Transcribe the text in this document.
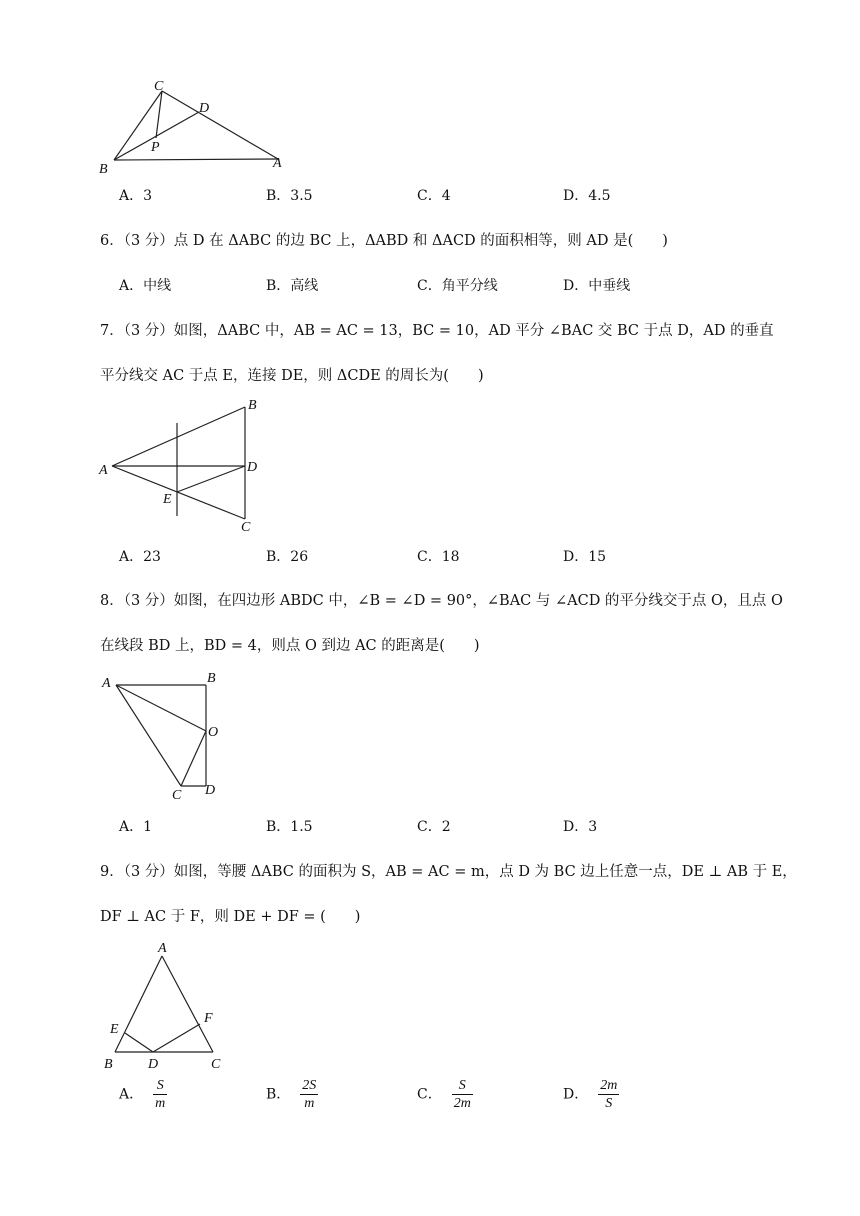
C
D
P
B	A
A．3	B．3.5	C．4	D．4.5
6．（3 分）点 D 在 ΔABC 的边 BC 上，ΔABD 和 ΔACD 的面积相等，则 AD 是(　　)
A．中线	B．高线	C．角平分线	D．中垂线
7．（3 分）如图，ΔABC 中，AB = AC = 13，BC = 10，AD 平分 ∠BAC 交 BC 于点 D，AD 的垂直
平分线交 AC 于点 E，连接 DE，则 ΔCDE 的周长为(　　)
B
A	D
E
C
A．23	B．26	C．18	D．15
8．（3 分）如图，在四边形 ABDC 中，∠B = ∠D = 90°，∠BAC 与 ∠ACD 的平分线交于点 O，且点 O
在线段 BD 上，BD = 4，则点 O 到边 AC 的距离是(　　)
A	B
O
C D
A．1	B．1.5	C．2	D．3
9．（3 分）如图，等腰 ΔABC 的面积为 S，AB = AC = m，点 D 为 BC 边上任意一点，DE ⊥ AB 于 E，
DF ⊥ AC 于 F，则 DE + DF = (　　)
A
E
F
B	D	C
A． $\frac{S}{m}$	B． $\frac{2S}{m}$	C． $\frac{S}{2m}$	D． $\frac{2m}{S}$
